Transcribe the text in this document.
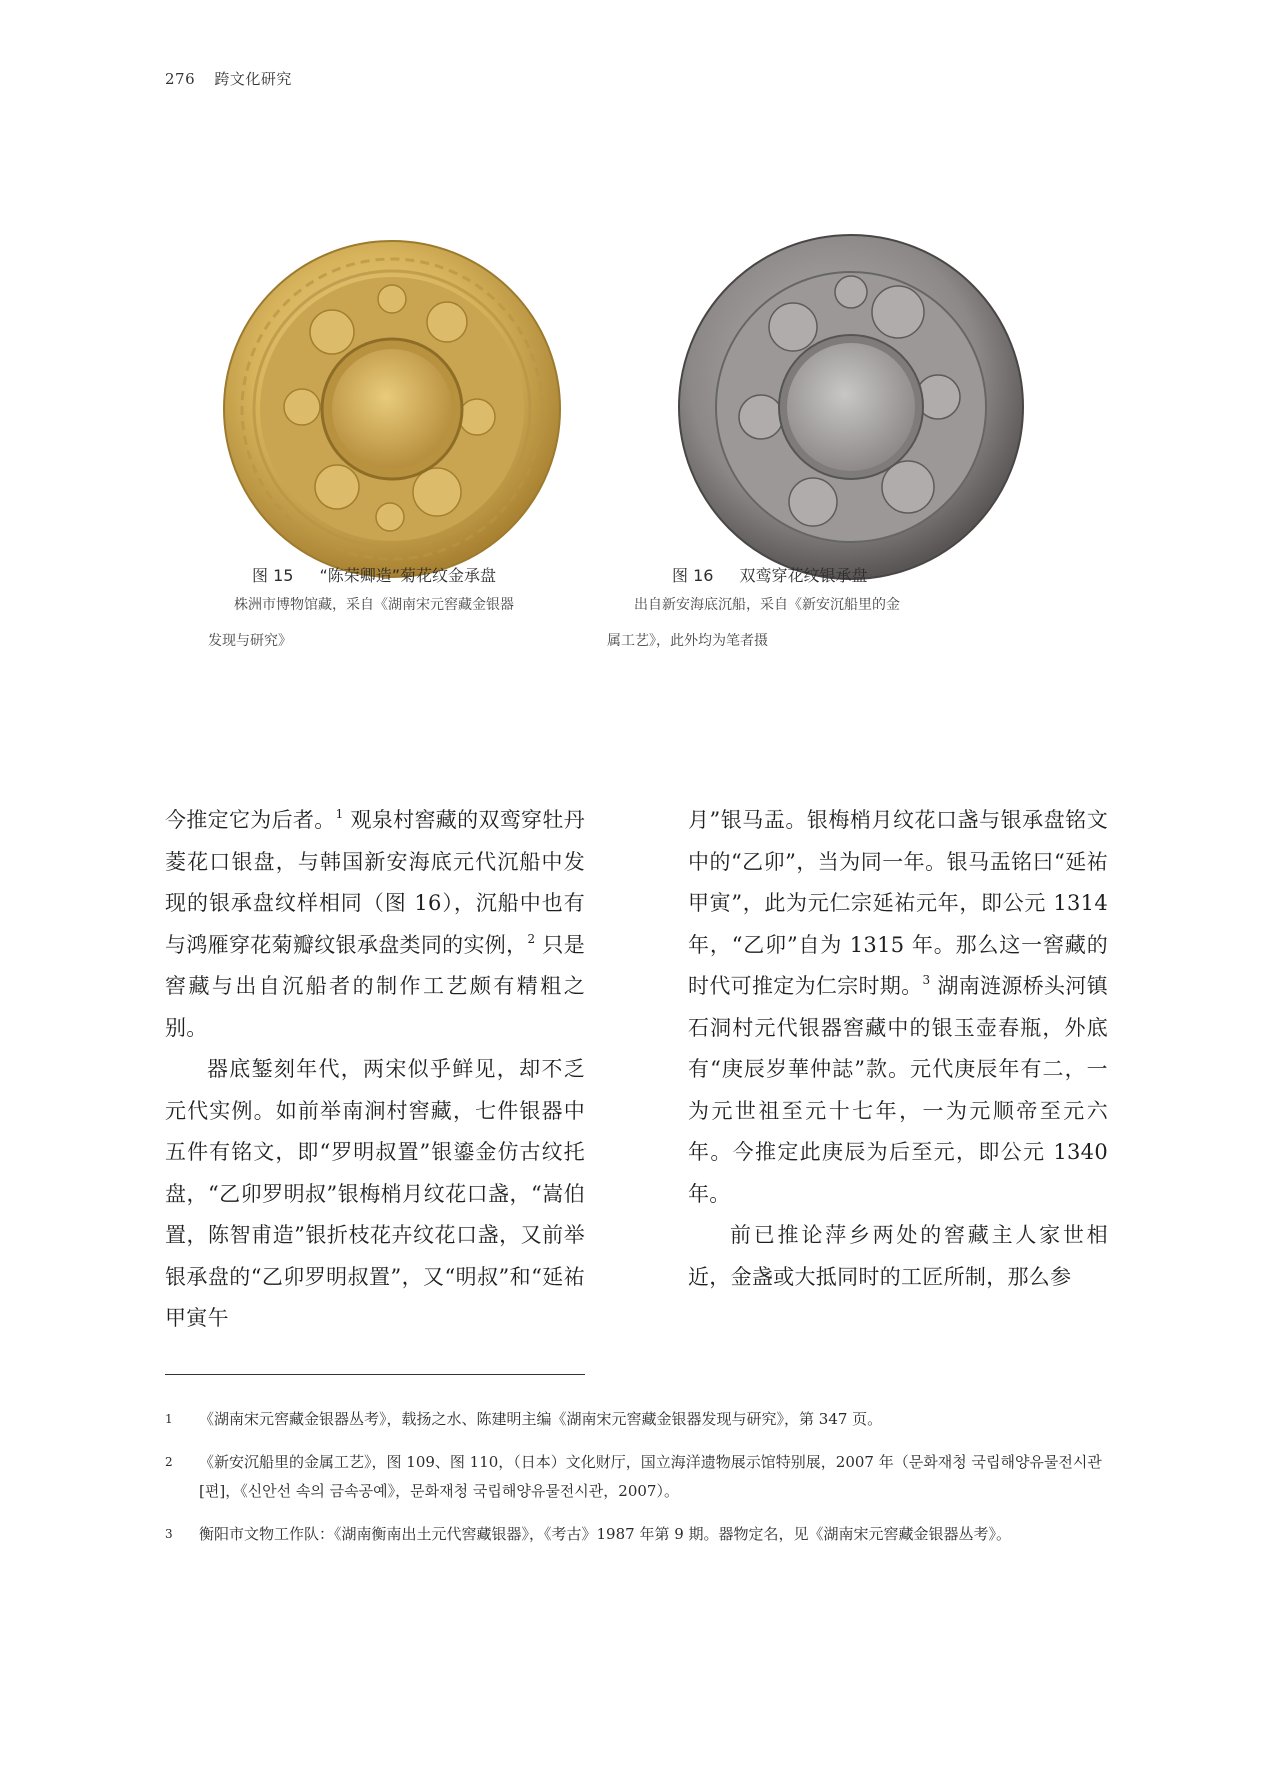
276 跨文化研究
图 15 “陈荣卿造”菊花纹金承盘
株洲市博物馆藏，采自《湖南宋元窖藏金银器
发现与研究》
图 16 双鸾穿花纹银承盘
出自新安海底沉船，采自《新安沉船里的金
属工艺》，此外均为笔者摄

今推定它为后者。$^1$ 观泉村窖藏的双鸾穿牡丹菱花口银盘，与韩国新安海底元代沉船中发现的银承盘纹样相同（图 16），沉船中也有与鸿雁穿花菊瓣纹银承盘类同的实例，$^2$ 只是窖藏与出自沉船者的制作工艺颇有精粗之别。

器底錾刻年代，两宋似乎鲜见，却不乏元代实例。如前举南涧村窖藏，七件银器中五件有铭文，即“罗明叔置”银鎏金仿古纹托盘，“乙卯罗明叔”银梅梢月纹花口盏，“嵩伯置，陈智甫造”银折枝花卉纹花口盏，又前举银承盘的“乙卯罗明叔置”，又“明叔”和“延祐甲寅午

月”银马盂。银梅梢月纹花口盏与银承盘铭文中的“乙卯”，当为同一年。银马盂铭曰“延祐甲寅”，此为元仁宗延祐元年，即公元 1314 年，“乙卯”自为 1315 年。那么这一窖藏的时代可推定为仁宗时期。$^3$ 湖南涟源桥头河镇石洞村元代银器窖藏中的银玉壶春瓶，外底有“庚辰岁華仲誌”款。元代庚辰年有二，一为元世祖至元十七年，一为元顺帝至元六年。今推定此庚辰为后至元，即公元 1340 年。

前已推论萍乡两处的窖藏主人家世相近，金盏或大抵同时的工匠所制，那么参

1 《湖南宋元窖藏金银器丛考》，载扬之水、陈建明主编《湖南宋元窖藏金银器发现与研究》，第 347 页。
2 《新安沉船里的金属工艺》，图 109、图 110，（日本）文化财厅，国立海洋遗物展示馆特别展，2007 年（문화재청 국립해양유물전시관[편]，《신안선 속의 금속공예》，문화재청 국립해양유물전시관，2007）。
3 衡阳市文物工作队：《湖南衡南出土元代窖藏银器》，《考古》1987 年第 9 期。器物定名，见《湖南宋元窖藏金银器丛考》。
